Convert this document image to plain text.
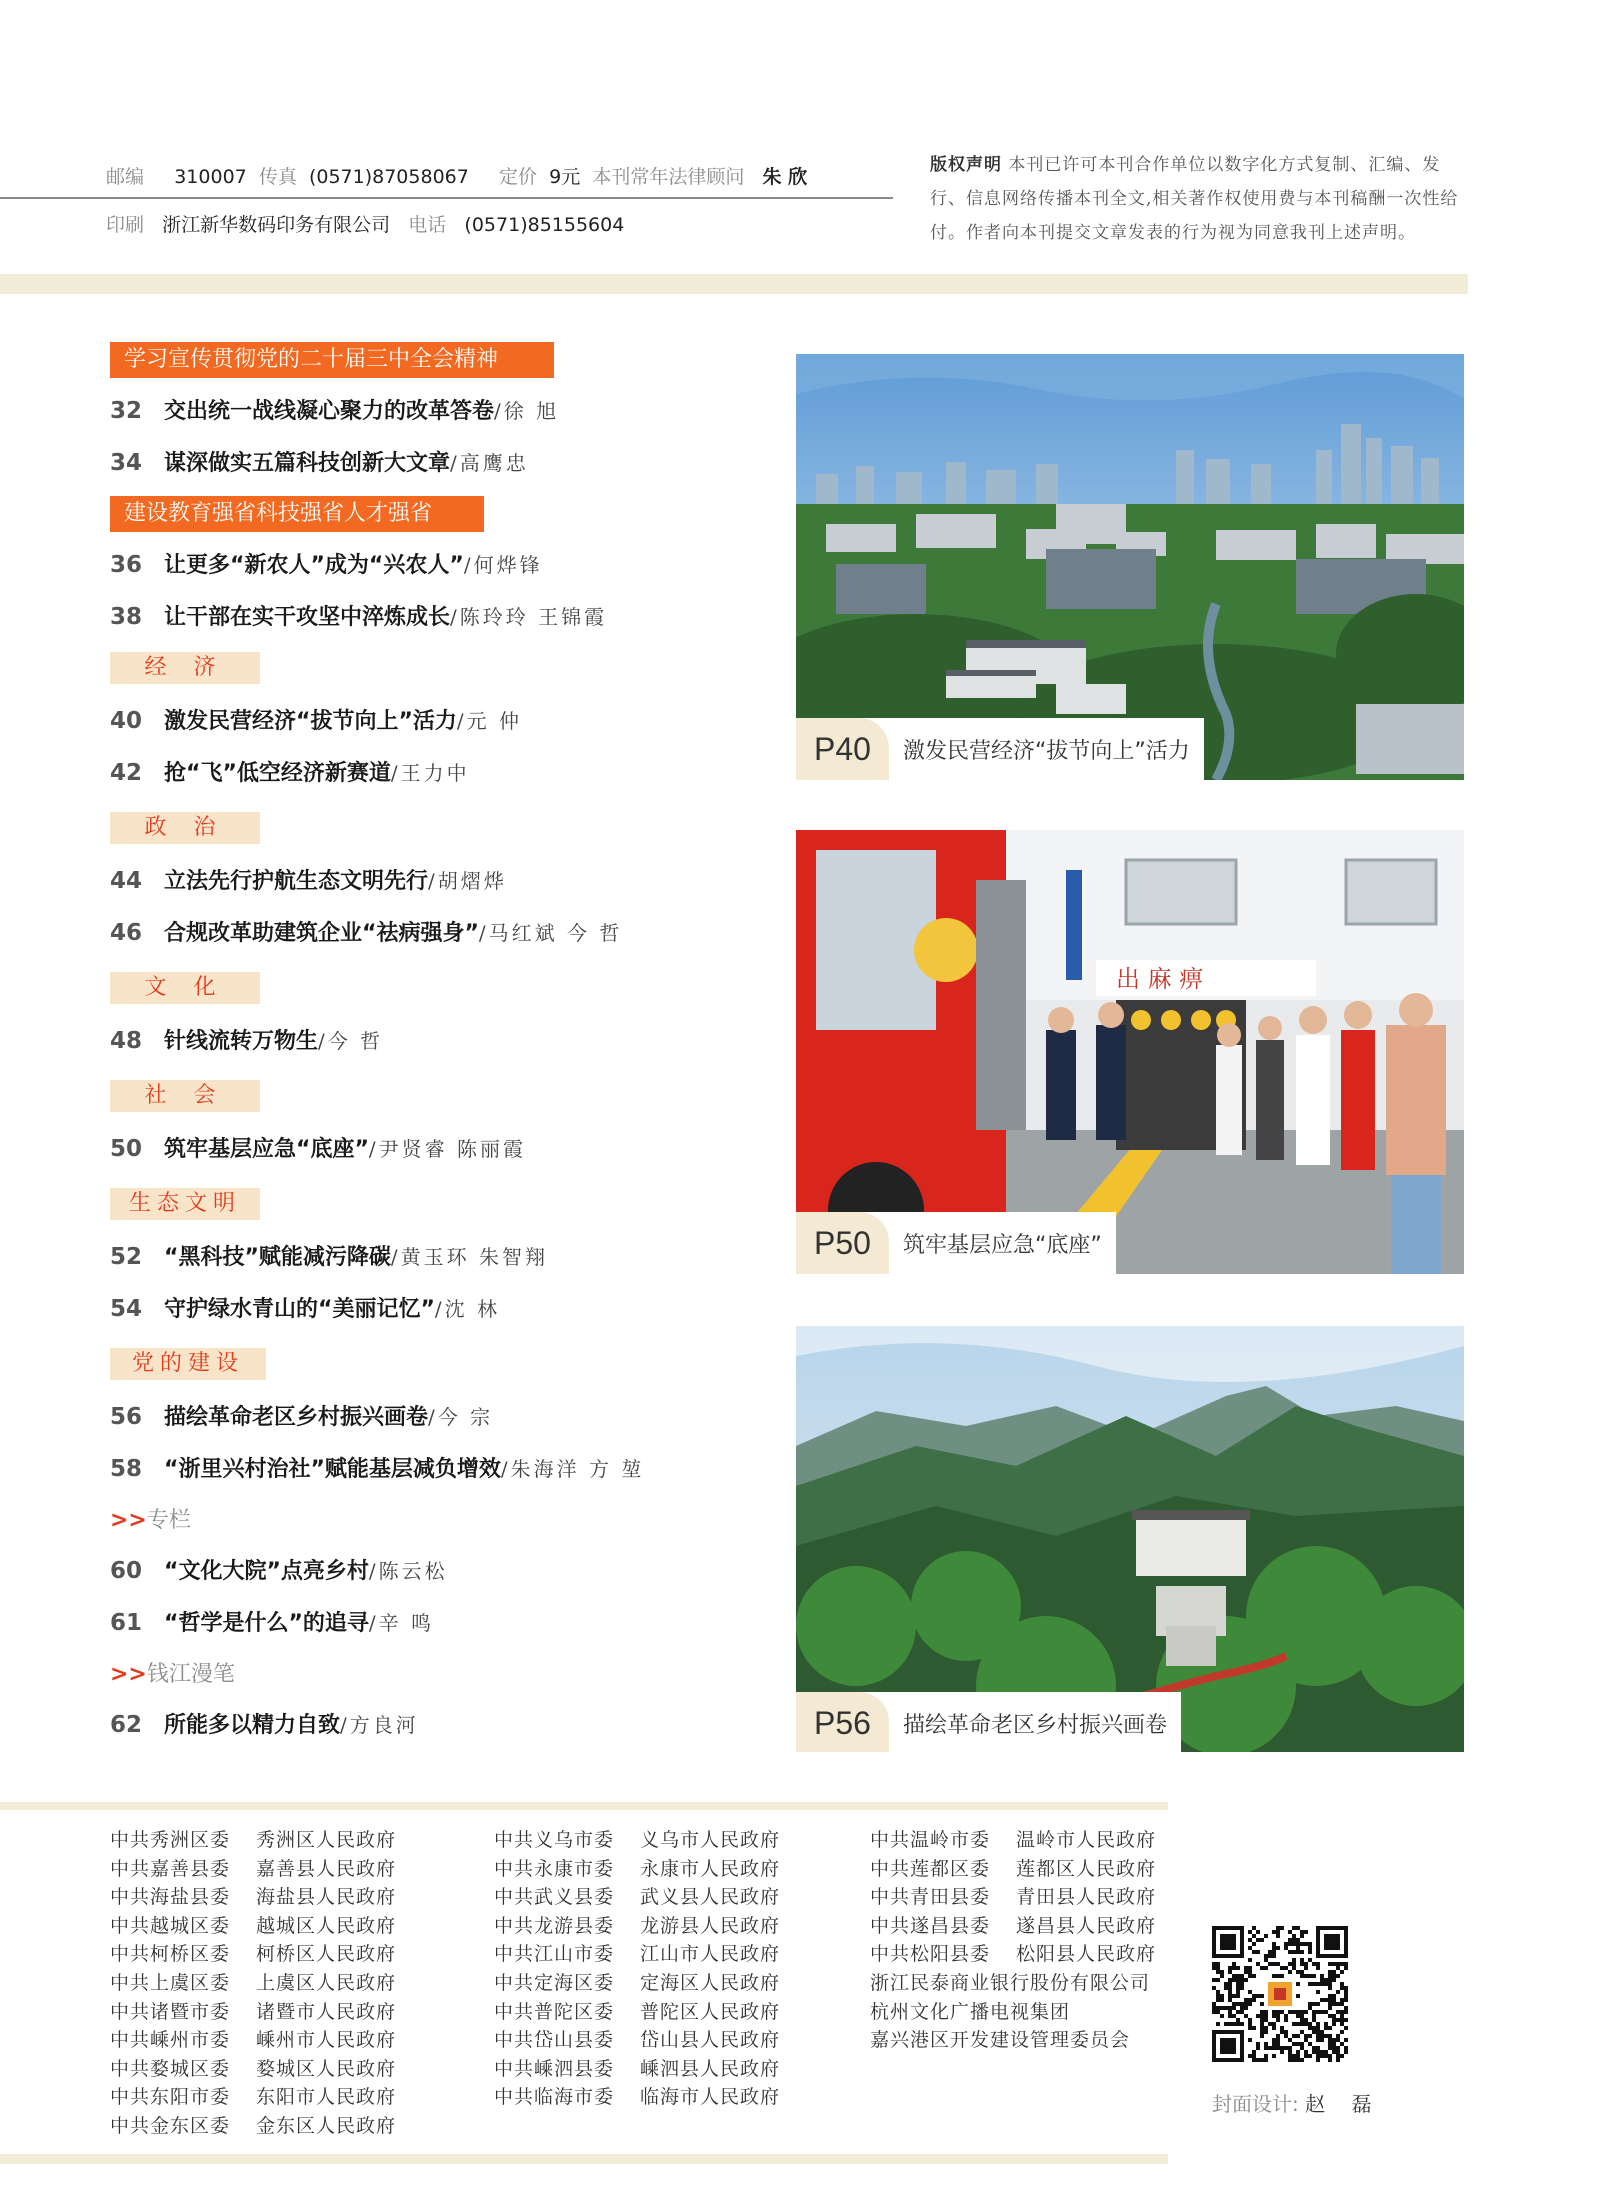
邮编 310007 传真 (0571)87058067 定价 9元 本刊常年法律顾问 朱 欣
印刷 浙江新华数码印务有限公司 电话 (0571)85155604
版权声明 本刊已许可本刊合作单位以数字化方式复制、汇编、发行、信息网络传播本刊全文,相关著作权使用费与本刊稿酬一次性给付。作者向本刊提交文章发表的行为视为同意我刊上述声明。
学习宣传贯彻党的二十届三中全会精神
32 交出统一战线凝心聚力的改革答卷/徐 旭
34 谋深做实五篇科技创新大文章/高鹰忠
建设教育强省科技强省人才强省
36 让更多“新农人”成为“兴农人”/何烨锋
38 让干部在实干攻坚中淬炼成长/陈玲玲 王锦霞
经 济
40 激发民营经济“拔节向上”活力/元 仲
42 抢“飞”低空经济新赛道/王力中
政 治
44 立法先行护航生态文明先行/胡熠烨
46 合规改革助建筑企业“祛病强身”/马红斌 今 哲
文 化
48 针线流转万物生/今 哲
社 会
50 筑牢基层应急“底座”/尹贤睿 陈丽霞
生态文明
52 “黑科技”赋能减污降碳/黄玉环 朱智翔
54 守护绿水青山的“美丽记忆”/沈 林
党的建设
56 描绘革命老区乡村振兴画卷/今 宗
58 “浙里兴村治社”赋能基层减负增效/朱海洋 方 堃
>>专栏
60 “文化大院”点亮乡村/陈云松
61 “哲学是什么”的追寻/辛 鸣
>>钱江漫笔
62 所能多以精力自致/方良河
P40	激发民营经济“拔节向上”活力
出 麻 痹
P50	筑牢基层应急“底座”
P56	描绘革命老区乡村振兴画卷
中共秀洲区委 秀洲区人民政府
中共嘉善县委 嘉善县人民政府
中共海盐县委 海盐县人民政府
中共越城区委 越城区人民政府
中共柯桥区委 柯桥区人民政府
中共上虞区委 上虞区人民政府
中共诸暨市委 诸暨市人民政府
中共嵊州市委 嵊州市人民政府
中共婺城区委 婺城区人民政府
中共东阳市委 东阳市人民政府
中共金东区委 金东区人民政府
中共义乌市委 义乌市人民政府
中共永康市委 永康市人民政府
中共武义县委 武义县人民政府
中共龙游县委 龙游县人民政府
中共江山市委 江山市人民政府
中共定海区委 定海区人民政府
中共普陀区委 普陀区人民政府
中共岱山县委 岱山县人民政府
中共嵊泗县委 嵊泗县人民政府
中共临海市委 临海市人民政府
中共温岭市委 温岭市人民政府
中共莲都区委 莲都区人民政府
中共青田县委 青田县人民政府
中共遂昌县委 遂昌县人民政府
中共松阳县委 松阳县人民政府
浙江民泰商业银行股份有限公司
杭州文化广播电视集团
嘉兴港区开发建设管理委员会
封面设计: 赵 磊
